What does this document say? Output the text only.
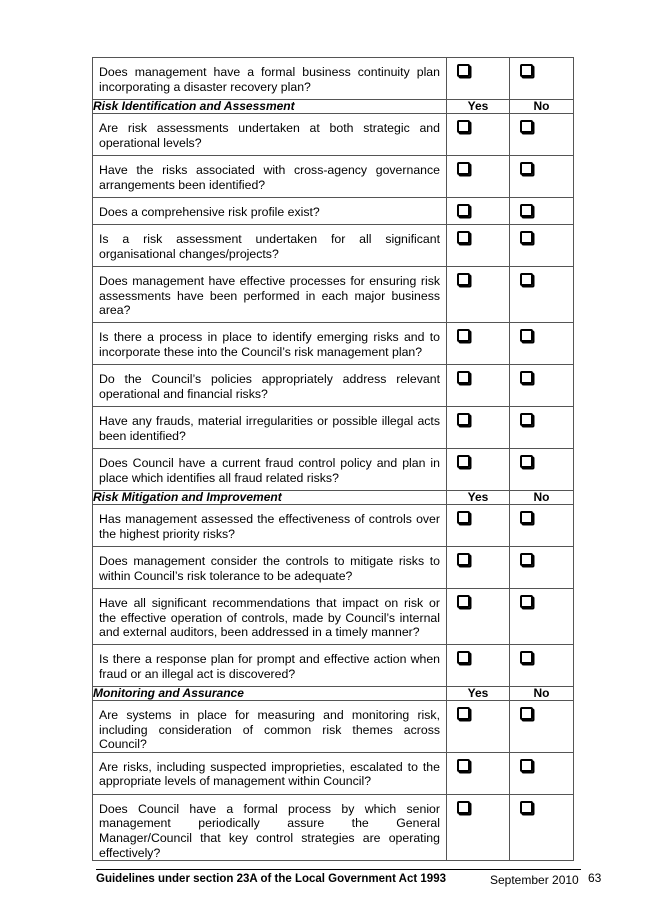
Does management have a formal business continuity plan incorporating a disaster recovery plan?		
Risk Identification and Assessment	Yes	No
Are risk assessments undertaken at both strategic and operational levels?		
Have the risks associated with cross-agency governance arrangements been identified?		
Does a comprehensive risk profile exist?		
Is a risk assessment undertaken for all significant organisational changes/projects?		
Does management have effective processes for ensuring risk assessments have been performed in each major business area?		
Is there a process in place to identify emerging risks and to incorporate these into the Council’s risk management plan?		
Do the Council’s policies appropriately address relevant operational and financial risks?		
Have any frauds, material irregularities or possible illegal acts been identified?		
Does Council have a current fraud control policy and plan in place which identifies all fraud related risks?		
Risk Mitigation and Improvement	Yes	No
Has management assessed the effectiveness of controls over the highest priority risks?		
Does management consider the controls to mitigate risks to within Council’s risk tolerance to be adequate?		
Have all significant recommendations that impact on risk or the effective operation of controls, made by Council’s internal and external auditors, been addressed in a timely manner?		
Is there a response plan for prompt and effective action when fraud or an illegal act is discovered?		
Monitoring and Assurance	Yes	No
Are systems in place for measuring and monitoring risk, including consideration of common risk themes across Council?		
Are risks, including suspected improprieties, escalated to the appropriate levels of management within Council?		
Does Council have a formal process by which senior management periodically assure the General Manager/Council that key control strategies are operating effectively?		
Guidelines under section 23A of the Local Government Act 1993	September 2010 63
